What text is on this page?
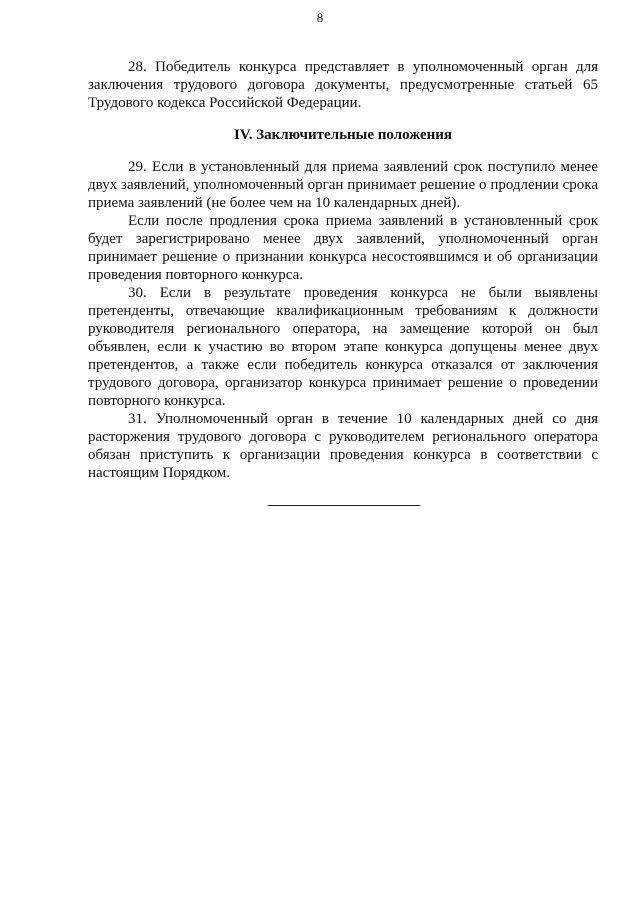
8

28. Победитель конкурса представляет в уполномоченный орган для заключения трудового договора документы, предусмотренные статьей 65 Трудового кодекса Российской Федерации.

IV. Заключительные положения

29. Если в установленный для приема заявлений срок поступило менее двух заявлений, уполномоченный орган принимает решение о продлении срока приема заявлений (не более чем на 10 календарных дней).

Если после продления срока приема заявлений в установленный срок будет зарегистрировано менее двух заявлений, уполномоченный орган принимает решение о признании конкурса несостоявшимся и об организации проведения повторного конкурса.

30. Если в результате проведения конкурса не были выявлены претенденты, отвечающие квалификационным требованиям к должности руководителя регионального оператора, на замещение которой он был объявлен, если к участию во втором этапе конкурса допущены менее двух претендентов, а также если победитель конкурса отказался от заключения трудового договора, организатор конкурса принимает решение о проведении повторного конкурса.

31. Уполномоченный орган в течение 10 календарных дней со дня расторжения трудового договора с руководителем регионального оператора обязан приступить к организации проведения конкурса в соответствии с настоящим Порядком.
